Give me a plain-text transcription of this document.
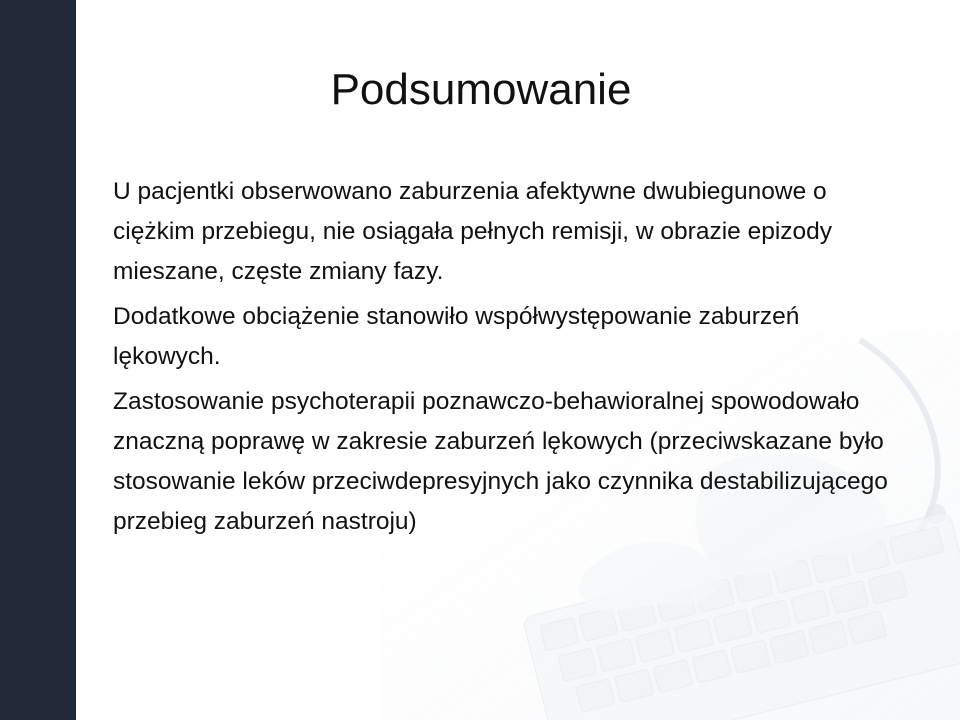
Podsumowanie

U pacjentki obserwowano zaburzenia afektywne dwubiegunowe o ciężkim przebiegu, nie osiągała pełnych remisji, w obrazie epizody mieszane, częste zmiany fazy.

Dodatkowe obciążenie stanowiło współwystępowanie zaburzeń lękowych.

Zastosowanie psychoterapii poznawczo-behawioralnej spowodowało znaczną poprawę w zakresie zaburzeń lękowych (przeciwskazane było stosowanie leków przeciwdepresyjnych jako czynnika destabilizującego przebieg zaburzeń nastroju)
